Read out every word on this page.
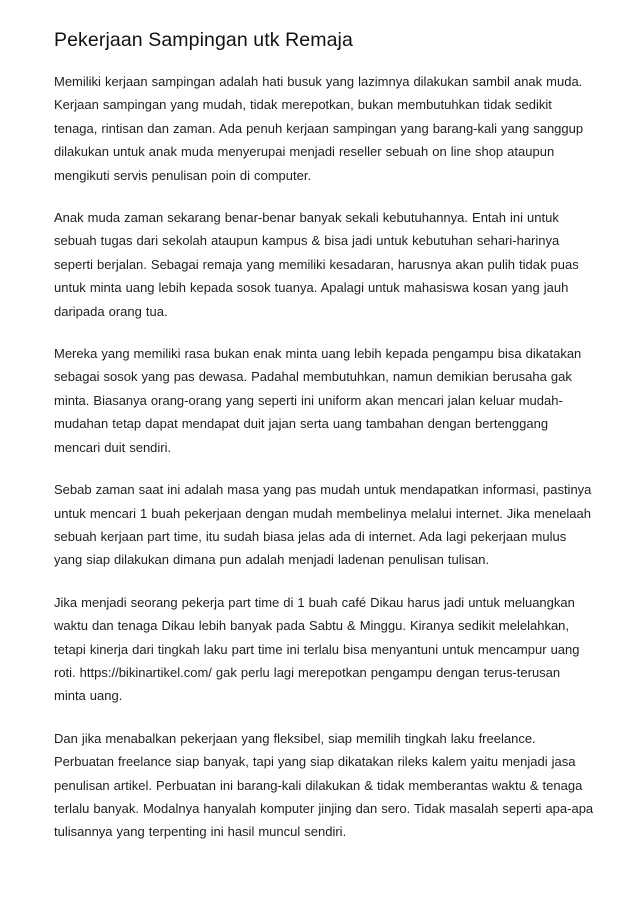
Pekerjaan Sampingan utk Remaja

Memiliki kerjaan sampingan adalah hati busuk yang lazimnya dilakukan sambil anak muda.
Kerjaan sampingan yang mudah, tidak merepotkan, bukan membutuhkan tidak sedikit
tenaga, rintisan dan zaman. Ada penuh kerjaan sampingan yang barang-kali yang sanggup
dilakukan untuk anak muda menyerupai menjadi reseller sebuah on line shop ataupun
mengikuti servis penulisan poin di computer.

Anak muda zaman sekarang benar-benar banyak sekali kebutuhannya. Entah ini untuk
sebuah tugas dari sekolah ataupun kampus & bisa jadi untuk kebutuhan sehari-harinya
seperti berjalan. Sebagai remaja yang memiliki kesadaran, harusnya akan pulih tidak puas
untuk minta uang lebih kepada sosok tuanya. Apalagi untuk mahasiswa kosan yang jauh
daripada orang tua.

Mereka yang memiliki rasa bukan enak minta uang lebih kepada pengampu bisa dikatakan
sebagai sosok yang pas dewasa. Padahal membutuhkan, namun demikian berusaha gak
minta. Biasanya orang-orang yang seperti ini uniform akan mencari jalan keluar mudah-
mudahan tetap dapat mendapat duit jajan serta uang tambahan dengan bertenggang
mencari duit sendiri.

Sebab zaman saat ini adalah masa yang pas mudah untuk mendapatkan informasi, pastinya
untuk mencari 1 buah pekerjaan dengan mudah membelinya melalui internet. Jika menelaah
sebuah kerjaan part time, itu sudah biasa jelas ada di internet. Ada lagi pekerjaan mulus
yang siap dilakukan dimana pun adalah menjadi ladenan penulisan tulisan.

Jika menjadi seorang pekerja part time di 1 buah café Dikau harus jadi untuk meluangkan
waktu dan tenaga Dikau lebih banyak pada Sabtu & Minggu. Kiranya sedikit melelahkan,
tetapi kinerja dari tingkah laku part time ini terlalu bisa menyantuni untuk mencampur uang
roti. https://bikinartikel.com/ gak perlu lagi merepotkan pengampu dengan terus-terusan
minta uang.

Dan jika menabalkan pekerjaan yang fleksibel, siap memilih tingkah laku freelance.
Perbuatan freelance siap banyak, tapi yang siap dikatakan rileks kalem yaitu menjadi jasa
penulisan artikel. Perbuatan ini barang-kali dilakukan & tidak memberantas waktu & tenaga
terlalu banyak. Modalnya hanyalah komputer jinjing dan sero. Tidak masalah seperti apa-apa
tulisannya yang terpenting ini hasil muncul sendiri.
